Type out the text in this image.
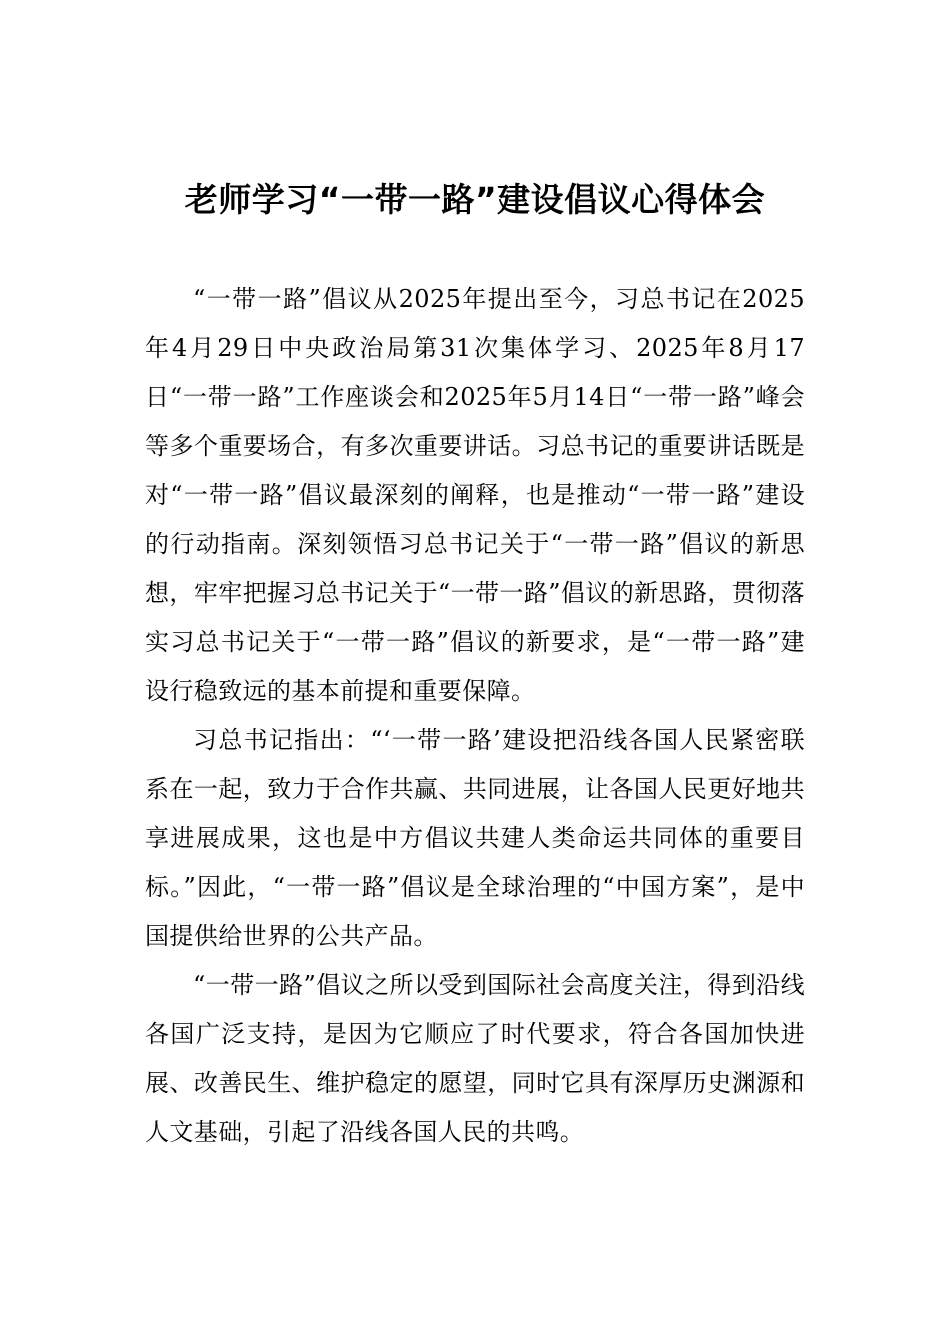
老师学习“一带一路”建设倡议心得体会

“一带一路”倡议从2025年提出至今，习总书记在2025年4月29日中央政治局第31次集体学习、2025年8月17日“一带一路”工作座谈会和2025年5月14日“一带一路”峰会等多个重要场合，有多次重要讲话。习总书记的重要讲话既是对“一带一路”倡议最深刻的阐释，也是推动“一带一路”建设的行动指南。深刻领悟习总书记关于“一带一路”倡议的新思想，牢牢把握习总书记关于“一带一路”倡议的新思路，贯彻落实习总书记关于“一带一路”倡议的新要求，是“一带一路”建设行稳致远的基本前提和重要保障。

习总书记指出：“‘一带一路’建设把沿线各国人民紧密联系在一起，致力于合作共赢、共同进展，让各国人民更好地共享进展成果，这也是中方倡议共建人类命运共同体的重要目标。”因此，“一带一路”倡议是全球治理的“中国方案”，是中国提供给世界的公共产品。

“一带一路”倡议之所以受到国际社会高度关注，得到沿线各国广泛支持，是因为它顺应了时代要求，符合各国加快进展、改善民生、维护稳定的愿望，同时它具有深厚历史渊源和人文基础，引起了沿线各国人民的共鸣。
